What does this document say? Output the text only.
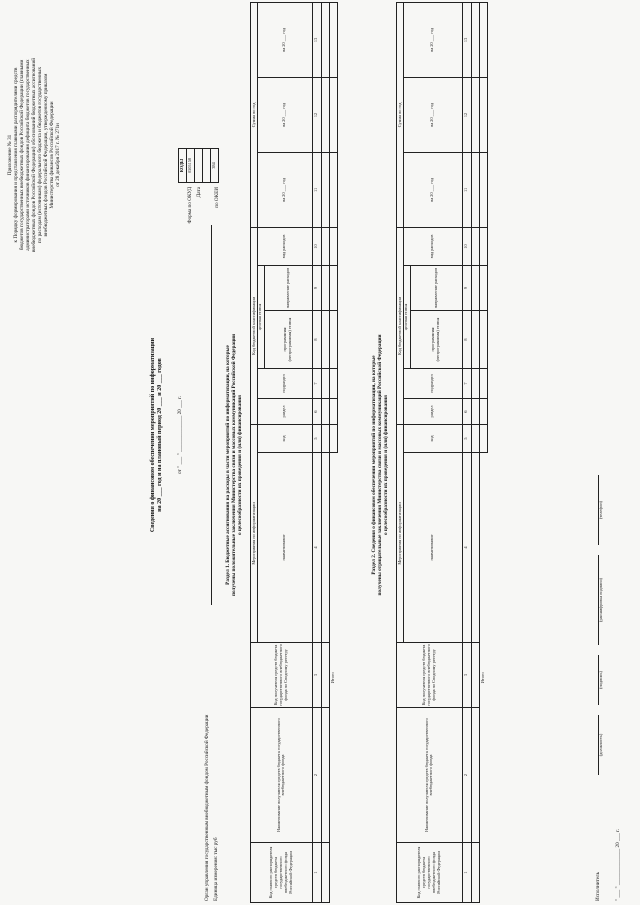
Приложение № 31 к Порядку формирования и представления главными распорядителями средств бюджетов государственных внебюджетных фондов Российской Федерации (главными администраторами источников финансирования дефицита бюджетов государственных внебюджетных фондов Российской Федерации) обоснований бюджетных ассигнований по расходам (источникам) федерального бюджета и бюджетов государственных внебюджетных фондов Российской Федерации, утвержденному приказом Министерства финансов Российской Федерации от 28 декабря 2017 г. № 271н
Сведения о финансовом обеспечении мероприятий по информатизации на 20 ___ год и на плановый период 20 ___ и 20 ___ годов	от " ___ " ______________ 20 ___ г.
Форма по ОКУД Дата	по ОКЕИ
КОДЫ
0505158

384
Орган управления государственным внебюджетным фондом Российской Федерации Единица измерения: тыс руб
Раздел 1. Бюджетные ассигнования на расходы в части мероприятий по информатизации, на которые получены положительные заключения Министерства связи и массовых коммуникаций Российской Федерации о целесообразности их проведения и (или) финансирования
Код главного распорядителя средств бюджета государственного внебюджетного фонда Российской Федерации	Наименование получателя средств бюджета государственного внебюджетного фонда	Код получателя средств бюджета государственного внебюджетного фонда по Сводному реестру	Мероприятия по информатизации		Код бюджетной классификации					Сумма по год		
			наименование	код	раздел	подраздел	целевая статья		вид расходов	на 20 ___ год	на 20 ___ год	на 20 ___ год
							программная (непрограммная) статья	направление расходов				

1	2	3	4	5	6	7	8	9	10	11	12	13

Итого												
Раздел 2. Сведения о финансовом обеспечении мероприятий по информатизации, на которые получены отрицательные заключения Министерства связи и массовых коммуникаций Российской Федерации о целесообразности их проведения и (или) финансирования
Код главного распорядителя средств бюджета государственного внебюджетного фонда Российской Федерации	Наименование получателя средств бюджета государственного внебюджетного фонда	Код получателя средств бюджета государственного внебюджетного фонда по Сводному реестру	Мероприятия по информатизации		Код бюджетной классификации					Сумма по год		
			наименование	код	раздел	подраздел	целевая статья		вид расходов	на 20 ___ год	на 20 ___ год	на 20 ___ год
							программная (непрограммная) статья	направление расходов				

1	2	3	4	5	6	7	8	9	10	11	12	13

Итого												
Исполнитель
(должность)
(подпись)
(расшифровка подписи)
(телефон)
" ___ " ______________ 20 ___ г.
